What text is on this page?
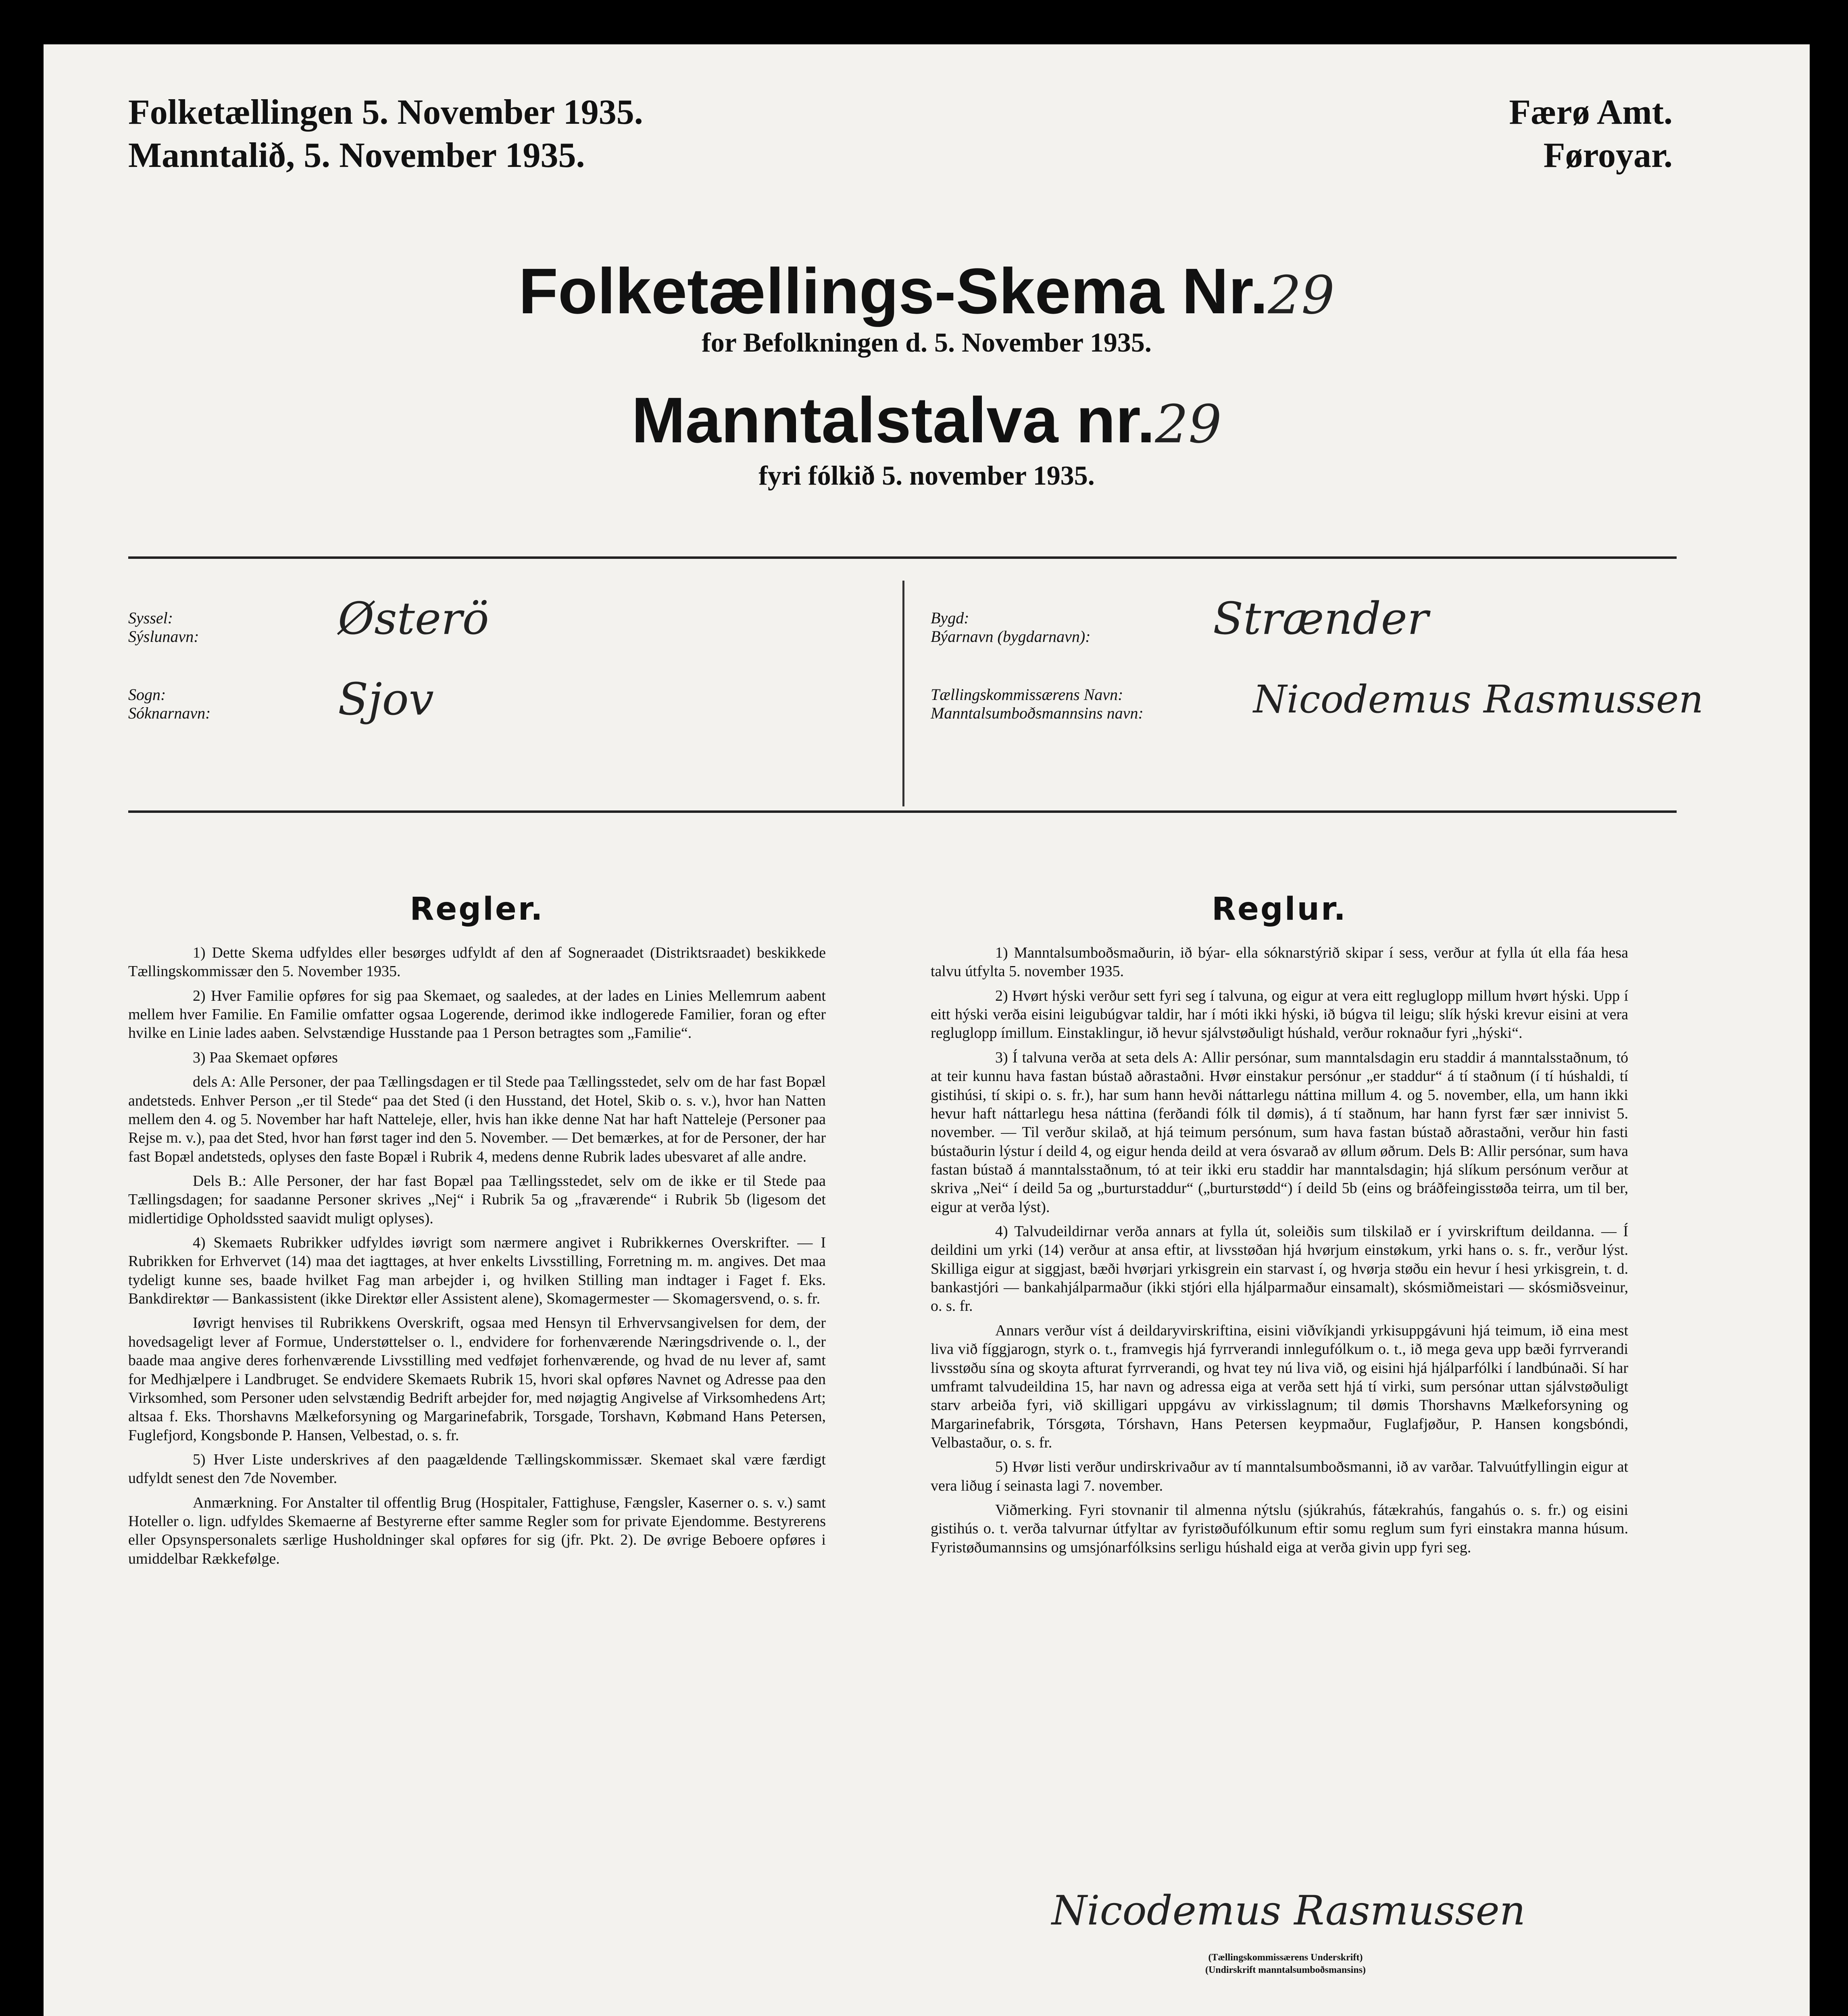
Folketællingen 5. November 1935.
Manntalið, 5. November 1935.
Færø Amt.
Føroyar.
Folketællings-Skema Nr.29
for Befolkningen d. 5. November 1935.
Manntalstalva nr.29
fyri fólkið 5. november 1935.
Syssel:
Sýslunavn:	Østerö
Sogn:
Sóknarnavn:	Sjov
Bygd:
Býarnavn (bygdarnavn):	Strænder
Tællingskommissærens Navn:
Manntalsumboðsmannsins navn:	Nicodemus Rasmussen
Regler.

1) Dette Skema udfyldes eller besørges udfyldt af den af Sogneraadet (Distriktsraadet) beskikkede Tællingskommissær den 5. November 1935.

2) Hver Familie opføres for sig paa Skemaet, og saaledes, at der lades en Linies Mellemrum aabent mellem hver Familie. En Familie omfatter ogsaa Logerende, derimod ikke indlogerede Familier, foran og efter hvilke en Linie lades aaben. Selvstændige Husstande paa 1 Person betragtes som „Familie“.

3) Paa Skemaet opføres

dels A: Alle Personer, der paa Tællingsdagen er til Stede paa Tællingsstedet, selv om de har fast Bopæl andetsteds. Enhver Person „er til Stede“ paa det Sted (i den Husstand, det Hotel, Skib o. s. v.), hvor han Natten mellem den 4. og 5. November har haft Natteleje, eller, hvis han ikke denne Nat har haft Natteleje (Personer paa Rejse m. v.), paa det Sted, hvor han først tager ind den 5. November. — Det bemærkes, at for de Personer, der har fast Bopæl andetsteds, oplyses den faste Bopæl i Rubrik 4, medens denne Rubrik lades ubesvaret af alle andre.

Dels B.: Alle Personer, der har fast Bopæl paa Tællingsstedet, selv om de ikke er til Stede paa Tællingsdagen; for saadanne Personer skrives „Nej“ i Rubrik 5a og „fraværende“ i Rubrik 5b (ligesom det midlertidige Opholdssted saavidt muligt oplyses).

4) Skemaets Rubrikker udfyldes iøvrigt som nærmere angivet i Rubrikkernes Overskrifter. — I Rubrikken for Erhvervet (14) maa det iagttages, at hver enkelts Livsstilling, Forretning m. m. angives. Det maa tydeligt kunne ses, baade hvilket Fag man arbejder i, og hvilken Stilling man indtager i Faget f. Eks. Bankdirektør — Bankassistent (ikke Direktør eller Assistent alene), Skomagermester — Skomagersvend, o. s. fr.

Iøvrigt henvises til Rubrikkens Overskrift, ogsaa med Hensyn til Erhvervsangivelsen for dem, der hovedsageligt lever af Formue, Understøttelser o. l., endvidere for forhenværende Næringsdrivende o. l., der baade maa angive deres forhenværende Livsstilling med vedføjet forhenværende, og hvad de nu lever af, samt for Medhjælpere i Landbruget. Se endvidere Skemaets Rubrik 15, hvori skal opføres Navnet og Adresse paa den Virksomhed, som Personer uden selvstændig Bedrift arbejder for, med nøjagtig Angivelse af Virksomhedens Art; altsaa f. Eks. Thorshavns Mælkeforsyning og Margarinefabrik, Torsgade, Torshavn, Købmand Hans Petersen, Fuglefjord, Kongsbonde P. Hansen, Velbestad, o. s. fr.

5) Hver Liste underskrives af den paagældende Tællingskommissær. Skemaet skal være færdigt udfyldt senest den 7de November.

Anmærkning. For Anstalter til offentlig Brug (Hospitaler, Fattighuse, Fængsler, Kaserner o. s. v.) samt Hoteller o. lign. udfyldes Skemaerne af Bestyrerne efter samme Regler som for private Ejendomme. Bestyrerens eller Opsynspersonalets særlige Husholdninger skal opføres for sig (jfr. Pkt. 2). De øvrige Beboere opføres i umiddelbar Rækkefølge.

Reglur.

1) Manntalsumboðsmaðurin, ið býar- ella sóknarstýrið skipar í sess, verður at fylla út ella fáa hesa talvu útfylta 5. november 1935.

2) Hvørt hýski verður sett fyri seg í talvuna, og eigur at vera eitt regluglopp millum hvørt hýski. Upp í eitt hýski verða eisini leigubúgvar taldir, har í móti ikki hýski, ið búgva til leigu; slík hýski krevur eisini at vera regluglopp ímillum. Einstaklingur, ið hevur sjálvstøðuligt húshald, verður roknaður fyri „hýski“.

3) Í talvuna verða at seta dels A: Allir persónar, sum manntalsdagin eru staddir á manntalsstaðnum, tó at teir kunnu hava fastan bústað aðrastaðni. Hvør einstakur persónur „er staddur“ á tí staðnum (í tí húshaldi, tí gistihúsi, tí skipi o. s. fr.), har sum hann hevði náttarlegu náttina millum 4. og 5. november, ella, um hann ikki hevur haft náttarlegu hesa náttina (ferðandi fólk til dømis), á tí staðnum, har hann fyrst fær sær innivist 5. november. — Til verður skilað, at hjá teimum persónum, sum hava fastan bústað aðrastaðni, verður hin fasti bústaðurin lýstur í deild 4, og eigur henda deild at vera ósvarað av øllum øðrum. Dels B: Allir persónar, sum hava fastan bústað á manntalsstaðnum, tó at teir ikki eru staddir har manntalsdagin; hjá slíkum persónum verður at skriva „Nei“ í deild 5a og „burturstaddur“ („burturstødd“) í deild 5b (eins og bráðfeingisstøða teirra, um til ber, eigur at verða lýst).

4) Talvudeildirnar verða annars at fylla út, soleiðis sum tilskilað er í yvirskriftum deildanna. — Í deildini um yrki (14) verður at ansa eftir, at livsstøðan hjá hvørjum einstøkum, yrki hans o. s. fr., verður lýst. Skilliga eigur at siggjast, bæði hvørjari yrkisgrein ein starvast í, og hvørja støðu ein hevur í hesi yrkisgrein, t. d. bankastjóri — bankahjálparmaður (ikki stjóri ella hjálparmaður einsamalt), skósmiðmeistari — skósmiðsveinur, o. s. fr.

Annars verður víst á deildaryvirskriftina, eisini viðvíkjandi yrkisuppgávuni hjá teimum, ið eina mest liva við fíggjarogn, styrk o. t., framvegis hjá fyrrverandi innlegufólkum o. t., ið mega geva upp bæði fyrrverandi livsstøðu sína og skoyta afturat fyrrverandi, og hvat tey nú liva við, og eisini hjá hjálparfólki í landbúnaði. Sí har umframt talvudeildina 15, har navn og adressa eiga at verða sett hjá tí virki, sum persónar uttan sjálvstøðuligt starv arbeiða fyri, við skilligari uppgávu av virkisslagnum; til dømis Thorshavns Mælkeforsyning og Margarinefabrik, Tórsgøta, Tórshavn, Hans Petersen keypmaður, Fuglafjøður, P. Hansen kongsbóndi, Velbastaður, o. s. fr.

5) Hvør listi verður undirskrivaður av tí manntalsumboðsmanni, ið av varðar. Talvuútfyllingin eigur at vera liðug í seinasta lagi 7. november.

Viðmerking. Fyri stovnanir til almenna nýtslu (sjúkrahús, fátækrahús, fangahús o. s. fr.) og eisini gistihús o. t. verða talvurnar útfyltar av fyristøðufólkunum eftir somu reglum sum fyri einstakra manna húsum. Fyristøðumannsins og umsjónarfólksins serligu húshald eiga at verða givin upp fyri seg.

Nicodemus Rasmussen
(Tællingskommissærens Underskrift)
(Undirskrift manntalsumboðsmansins)
